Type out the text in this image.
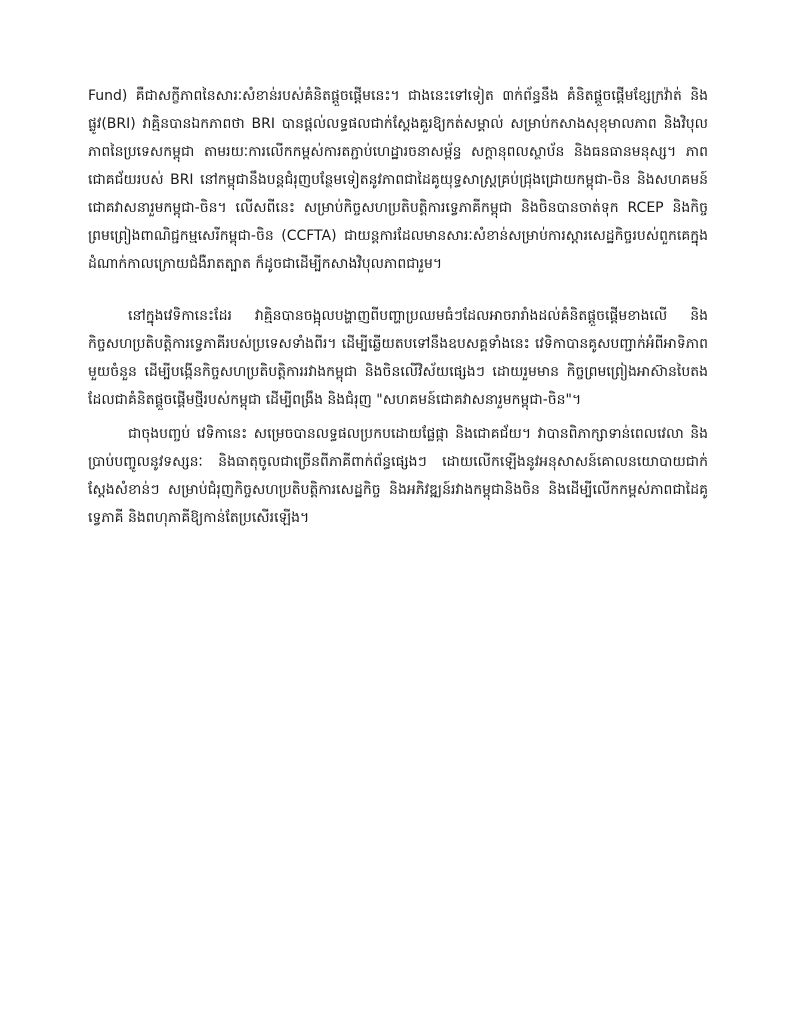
Fund) គឺជាសក្ខីភាពនៃសារៈសំខាន់របស់គំនិតផ្តួចផ្តើមនេះ។ ជាងនេះទៅទៀត ៣ក់ព័ន្ធនឹង គំនិតផ្តួចផ្តើមខ្សែក្រវ៉ាត់ និងផ្លូវ(BRI) វាគ្មិនបានឯកភាពថា BRI បានផ្តល់លទ្ធផលជាក់ស្តែងគួរឱ្យកត់សម្គាល់ សម្រាប់កសាងសុខុមាលភាព និងវិបុលភាពនៃប្រទេសកម្ពុជា តាមរយៈការលើកកម្ពស់ការតភ្ជាប់ហេដ្ឋារចនាសម្ព័ន្ធ សក្តានុពលស្ថាប័ន និងធនធានមនុស្ស។ ភាពជោគជ័យរបស់ BRI នៅកម្ពុជានឹងបន្តជំរុញបន្ថែមទៀតនូវភាពជាដៃគូយុទ្ធសាស្ត្រគ្រប់ជ្រុងជ្រោយកម្ពុជា-ចិន និងសហគមន៍ជោគវាសនារួមកម្ពុជា-ចិន។ លើសពីនេះ សម្រាប់កិច្ចសហប្រតិបត្តិការទ្វេភាគីកម្ពុជា និងចិនបានចាត់ទុក RCEP និងកិច្ចព្រមព្រៀងពាណិជ្ជកម្មសេរីកម្ពុជា-ចិន (CCFTA) ជាយន្តការដែលមានសារៈសំខាន់សម្រាប់ការស្តារសេដ្ឋកិច្ចរបស់ពួកគេក្នុងដំណាក់កាលក្រោយជំងឺរាតត្បាត ក៏ដូចជាដើម្បីកសាងវិបុលភាពជារួម។

នៅក្នុងវេទិកានេះដែរ វាគ្មិនបានចង្អុលបង្ហាញពីបញ្ហាប្រឈមធំៗដែលអាចរារាំងដល់គំនិតផ្តួចផ្តើមខាងលើ និងកិច្ចសហប្រតិបត្តិការទ្វេភាគីរបស់ប្រទេសទាំងពីរ។ ដើម្បីឆ្លើយតបទៅនឹងឧបសគ្គទាំងនេះ វេទិកាបានគូសបញ្ជាក់អំពីអាទិភាពមួយចំនួន ដើម្បីបង្កើនកិច្ចសហប្រតិបត្តិការរវាងកម្ពុជា និងចិនលើវិស័យផ្សេងៗ ដោយរួមមាន កិច្ចព្រមព្រៀងអាស៊ានបៃតងដែលជាគំនិតផ្តួចផ្តើមថ្មីរបស់កម្ពុជា ដើម្បីពង្រឹង និងជំរុញ "សហគមន៍ជោគវាសនារួមកម្ពុជា-ចិន"។

ជាចុងបញ្ចប់ វេទិកានេះ សម្រេចបានលទ្ធផលប្រកបដោយផ្លែផ្កា និងជោគជ័យ។ វាបានពិភាក្សាទាន់ពេលវេលា និងប្រាប់បញ្ចូលនូវទស្សនៈ និងធាតុចូលជាច្រើនពីភាគីពាក់ព័ន្ធផ្សេងៗ ដោយលើកឡើងនូវអនុសាសន៍គោលនយោបាយជាក់ស្តែងសំខាន់ៗ សម្រាប់ជំរុញកិច្ចសហប្រតិបត្តិការសេដ្ឋកិច្ច និងអភិវឌ្ឍន៍រវាងកម្ពុជានិងចិន និងដើម្បីលើកកម្ពស់ភាពជាដៃគូទ្វេភាគី និងពហុភាគីឱ្យកាន់តែប្រសើរឡើង។
